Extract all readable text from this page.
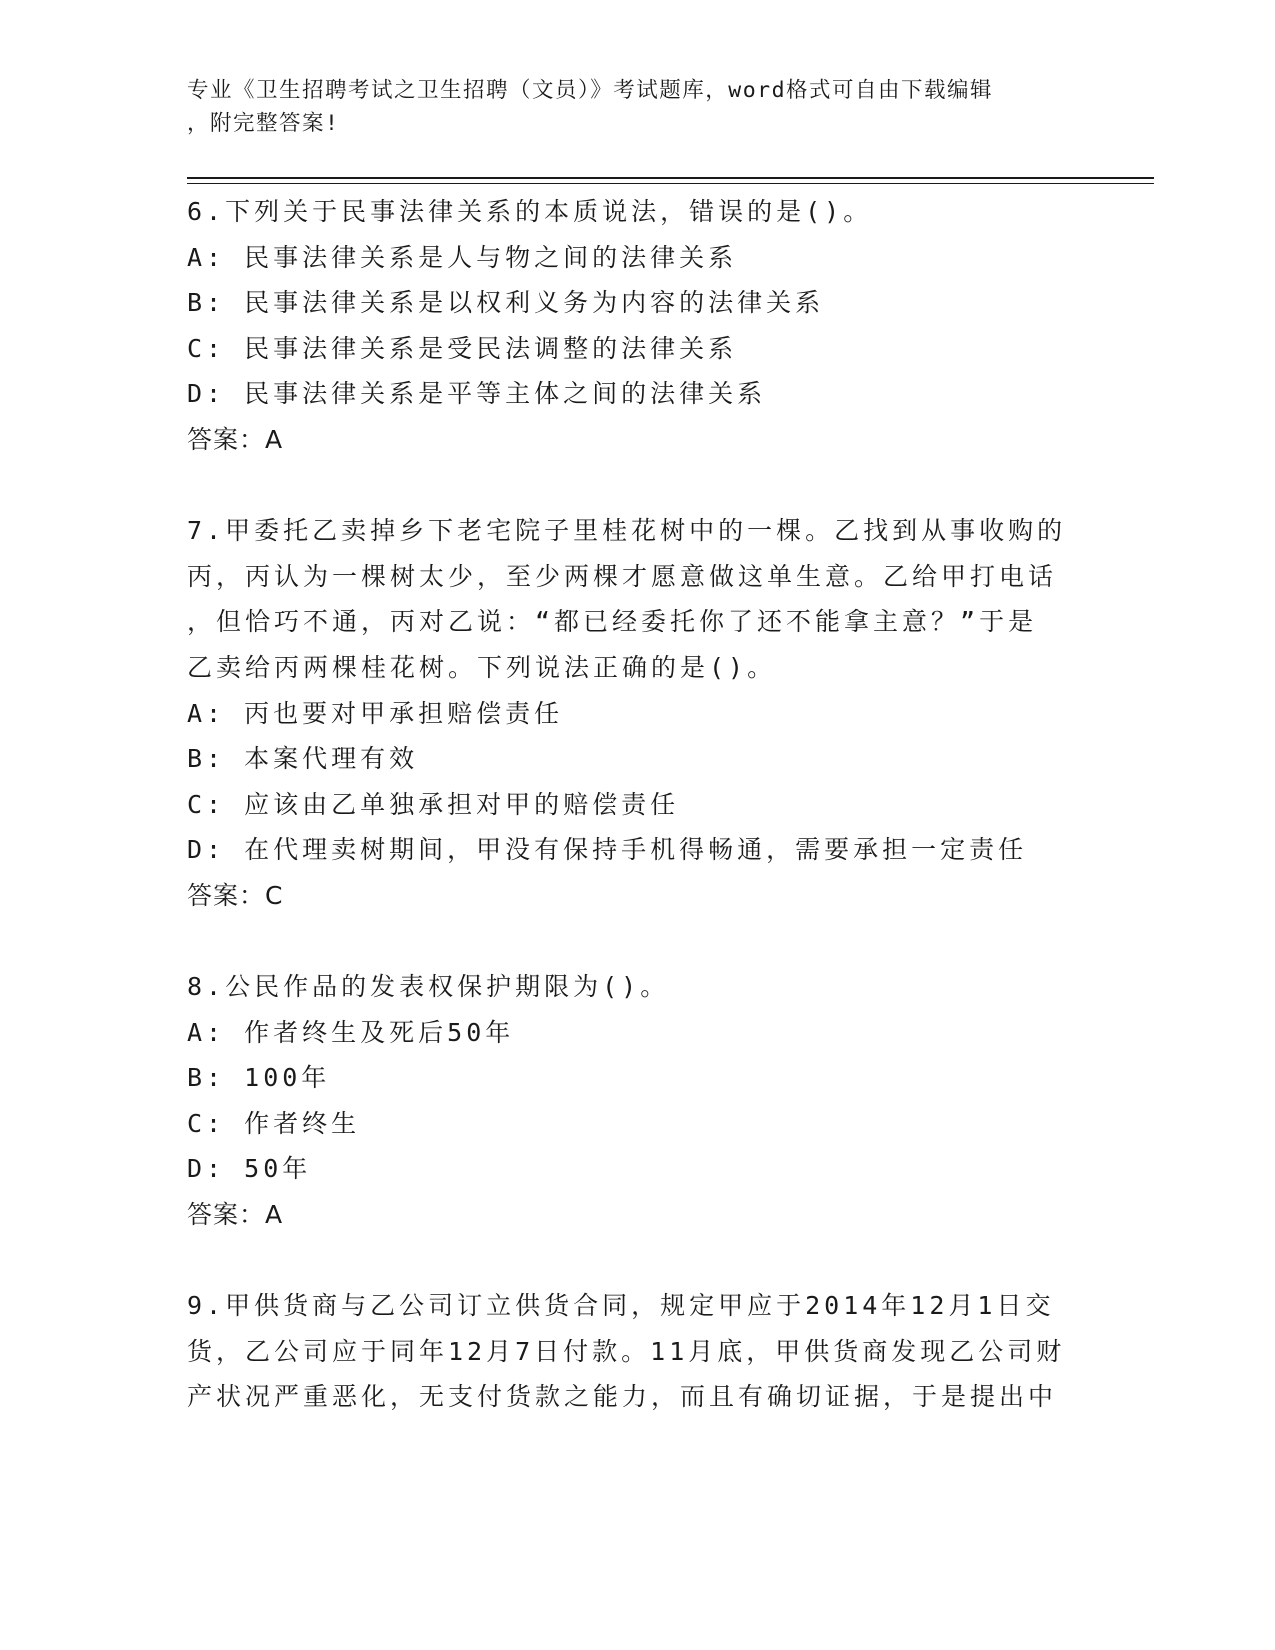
专业《卫生招聘考试之卫生招聘（文员）》考试题库，word格式可自由下载编辑
，附完整答案!
6.下列关于民事法律关系的本质说法，错误的是()。
A: 民事法律关系是人与物之间的法律关系
B: 民事法律关系是以权利义务为内容的法律关系
C: 民事法律关系是受民法调整的法律关系
D: 民事法律关系是平等主体之间的法律关系
答案：A
7.甲委托乙卖掉乡下老宅院子里桂花树中的一棵。乙找到从事收购的
丙，丙认为一棵树太少，至少两棵才愿意做这单生意。乙给甲打电话
，但恰巧不通，丙对乙说：“都已经委托你了还不能拿主意？”于是
乙卖给丙两棵桂花树。下列说法正确的是()。
A: 丙也要对甲承担赔偿责任
B: 本案代理有效
C: 应该由乙单独承担对甲的赔偿责任
D: 在代理卖树期间，甲没有保持手机得畅通，需要承担一定责任
答案：C
8.公民作品的发表权保护期限为()。
A: 作者终生及死后50年
B: 100年
C: 作者终生
D: 50年
答案：A
9.甲供货商与乙公司订立供货合同，规定甲应于2014年12月1日交
货，乙公司应于同年12月7日付款。11月底，甲供货商发现乙公司财
产状况严重恶化，无支付货款之能力，而且有确切证据，于是提出中
